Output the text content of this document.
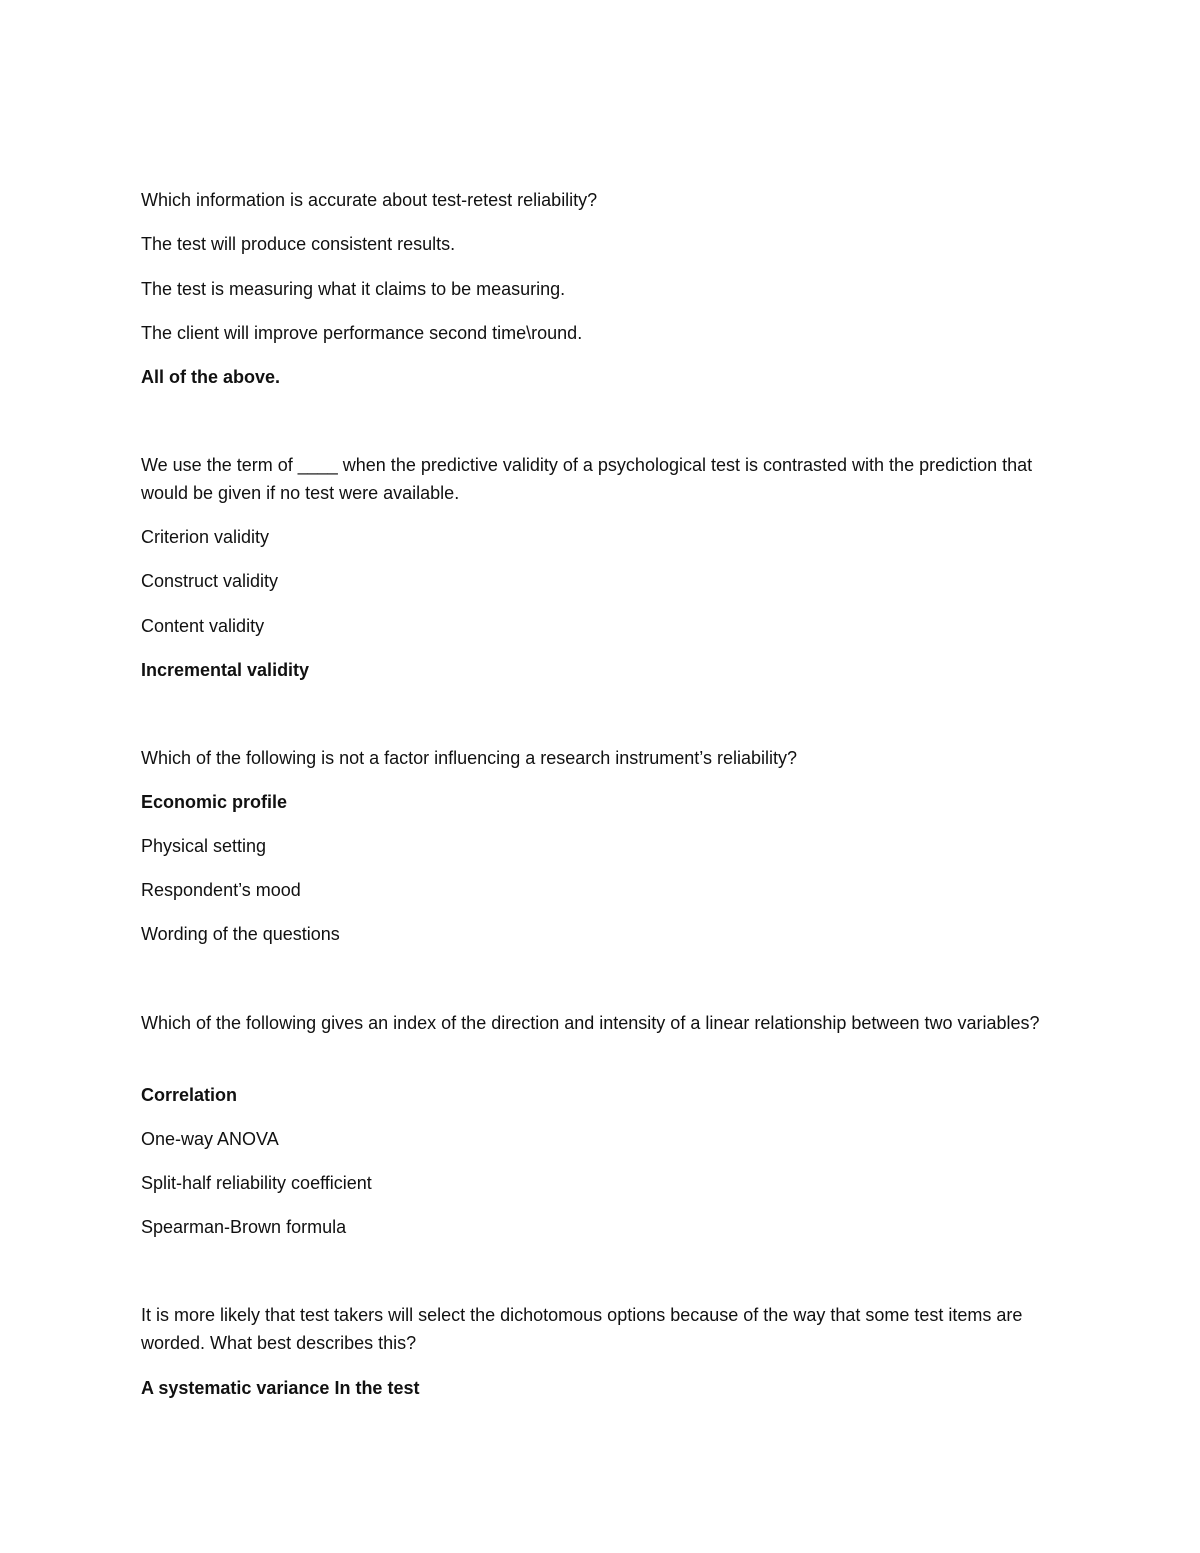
Which information is accurate about test-retest reliability?

The test will produce consistent results.

The test is measuring what it claims to be measuring.

The client will improve performance second time\round.

All of the above.

We use the term of ____ when the predictive validity of a psychological test is contrasted with the prediction that would be given if no test were available.

Criterion validity

Construct validity

Content validity

Incremental validity

Which of the following is not a factor influencing a research instrument’s reliability?

Economic profile

Physical setting

Respondent’s mood

Wording of the questions

Which of the following gives an index of the direction and intensity of a linear relationship between two variables?

Correlation

One-way ANOVA

Split-half reliability coefficient

Spearman-Brown formula

It is more likely that test takers will select the dichotomous options because of the way that some test items are worded. What best describes this?

A systematic variance In the test
